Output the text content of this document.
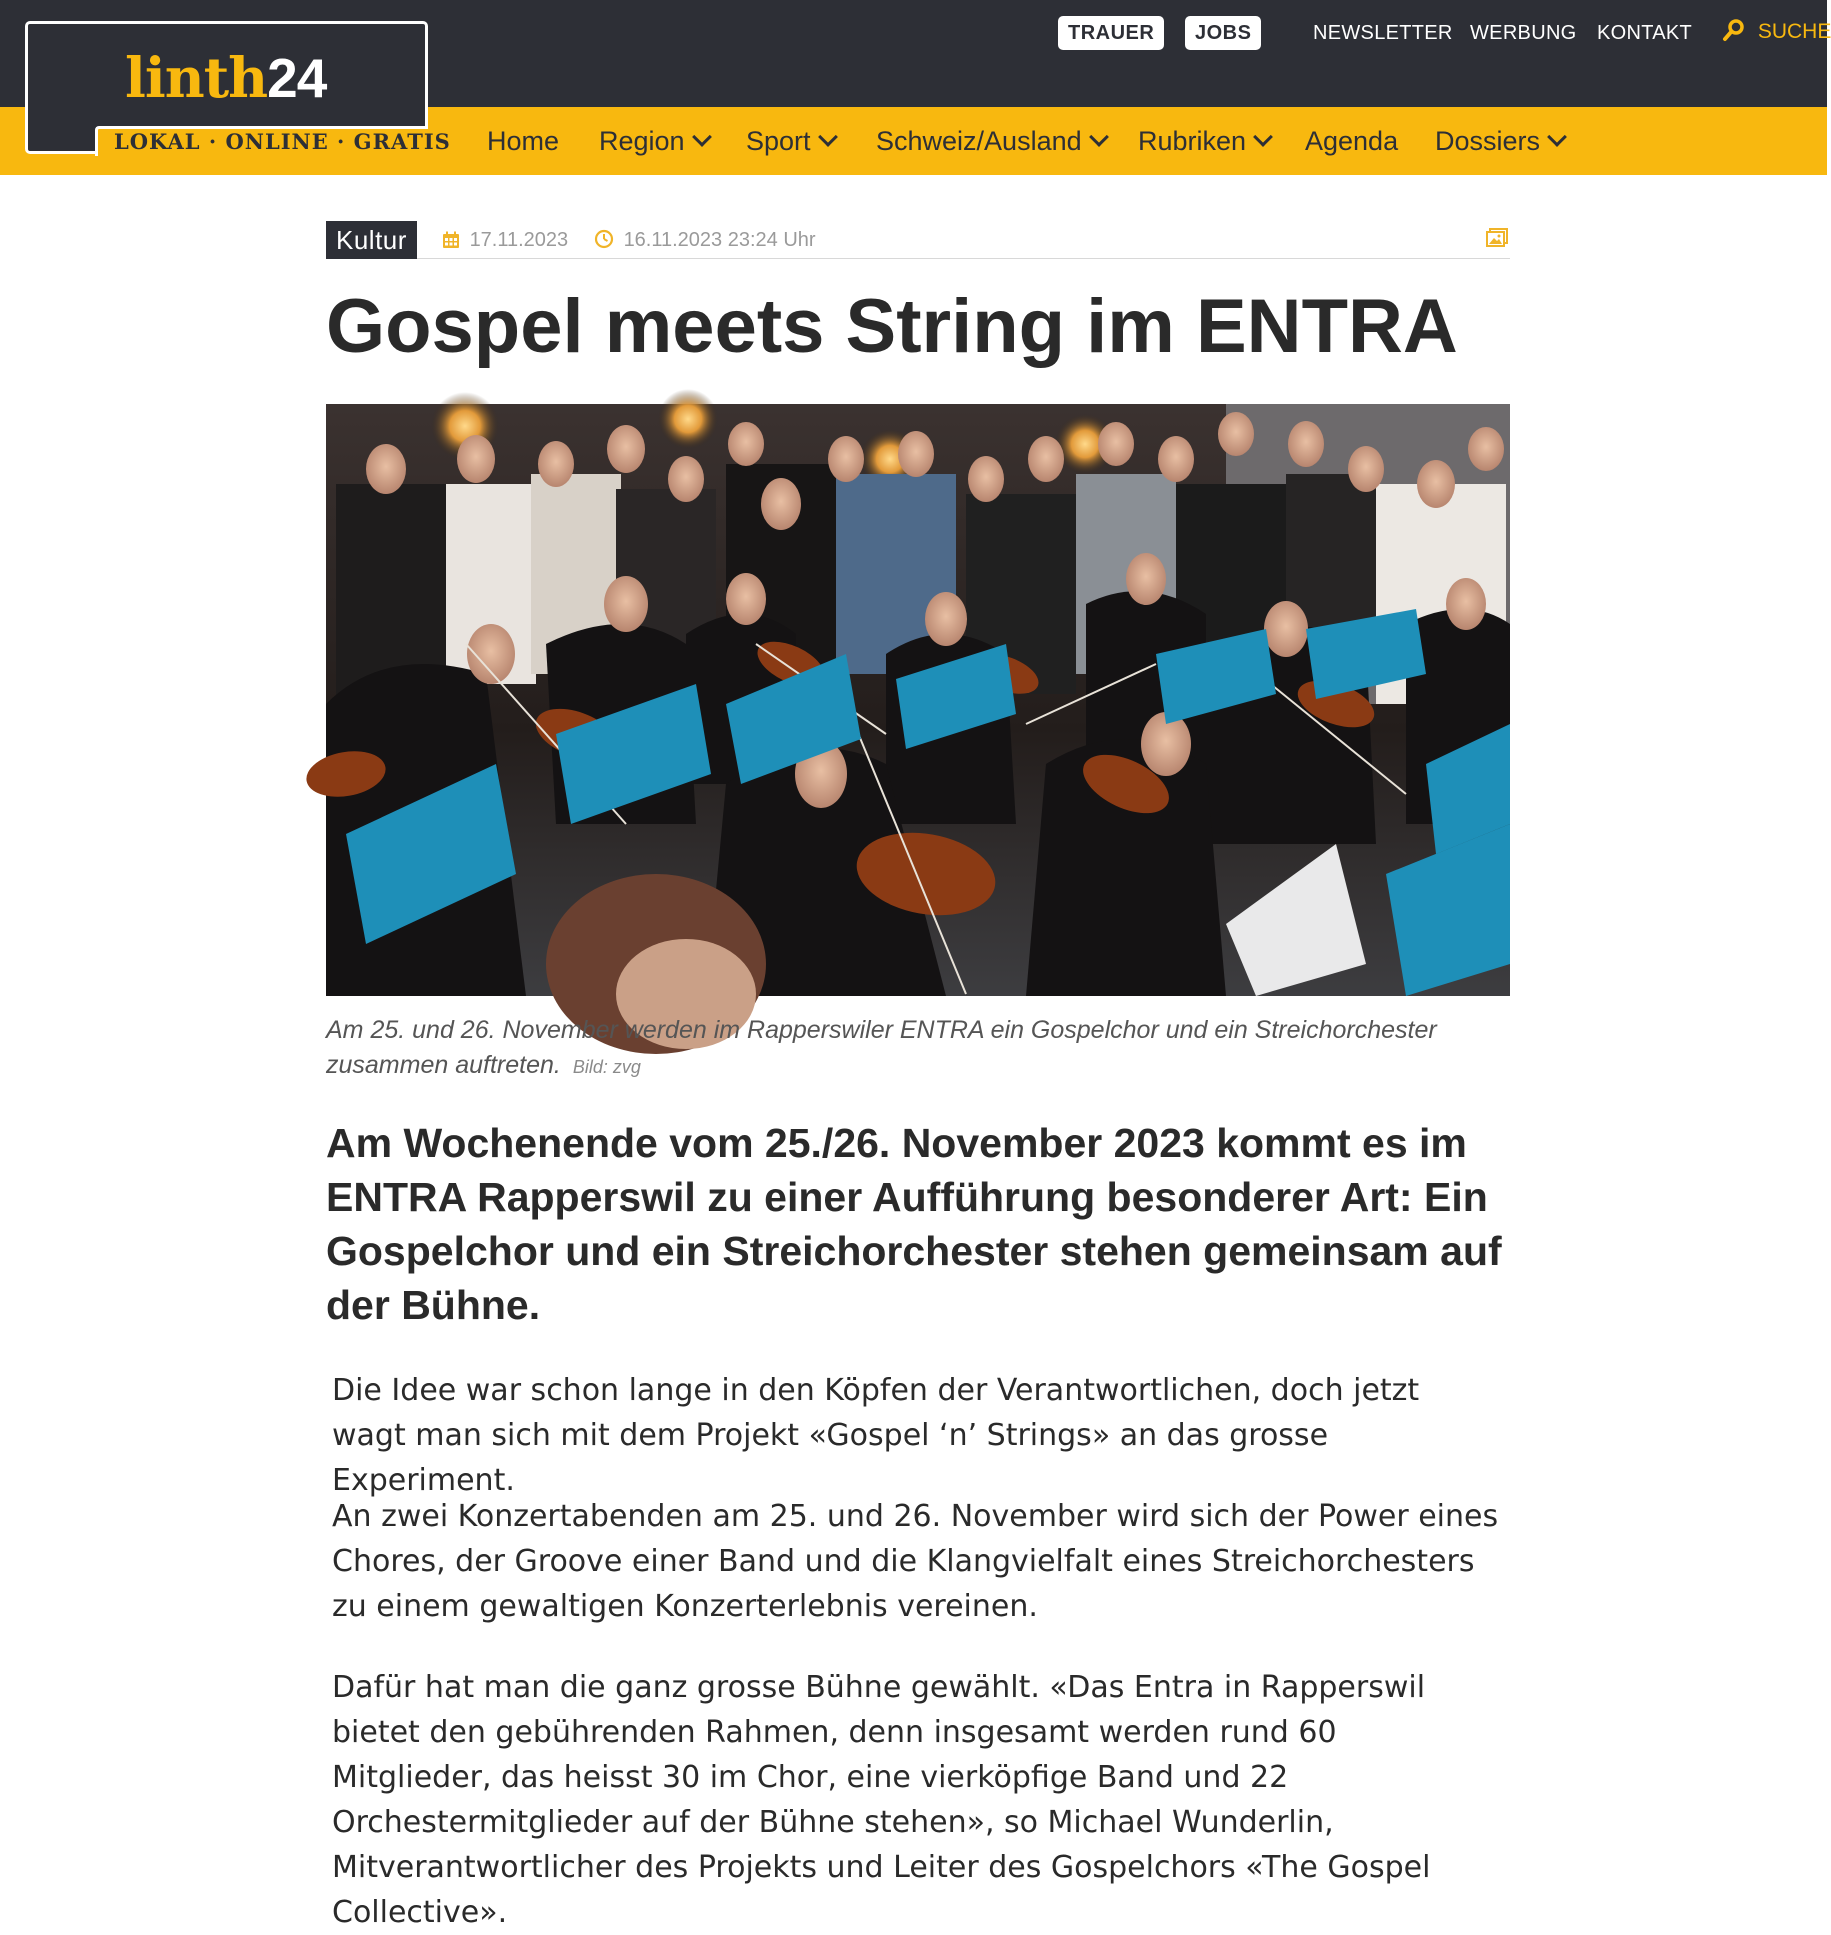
linth24
LOKAL · ONLINE · GRATIS
TRAUER	JOBS	NEWSLETTER WERBUNG KONTAKT	SUCHE
Home Region	Sport	Schweiz/Ausland	Rubriken	Agenda Dossiers
Kultur	17.11.2023	16.11.2023 23:24 Uhr
Gospel meets String im ENTRA

Am 25. und 26. November werden im Rapperswiler ENTRA ein Gospelchor und ein Streichorchester zusammen auftreten. Bild: zvg

Am Wochenende vom 25./26. November 2023 kommt es im ENTRA Rapperswil zu einer Aufführung besonderer Art: Ein Gospelchor und ein Streichorchester stehen gemeinsam auf der Bühne.

Die Idee war schon lange in den Köpfen der Verantwortlichen, doch jetzt wagt man sich mit dem Projekt «Gospel ‘n’ Strings» an das grosse Experiment.

An zwei Konzertabenden am 25. und 26. November wird sich der Power eines Chores, der Groove einer Band und die Klangvielfalt eines Streichorchesters zu einem gewaltigen Konzerterlebnis vereinen.

Dafür hat man die ganz grosse Bühne gewählt. «Das Entra in Rapperswil bietet den gebührenden Rahmen, denn insgesamt werden rund 60 Mitglieder, das heisst 30 im Chor, eine vierköpfige Band und 22 Orchestermitglieder auf der Bühne stehen», so Michael Wunderlin, Mitverantwortlicher des Projekts und Leiter des Gospelchors «The Gospel Collective».
